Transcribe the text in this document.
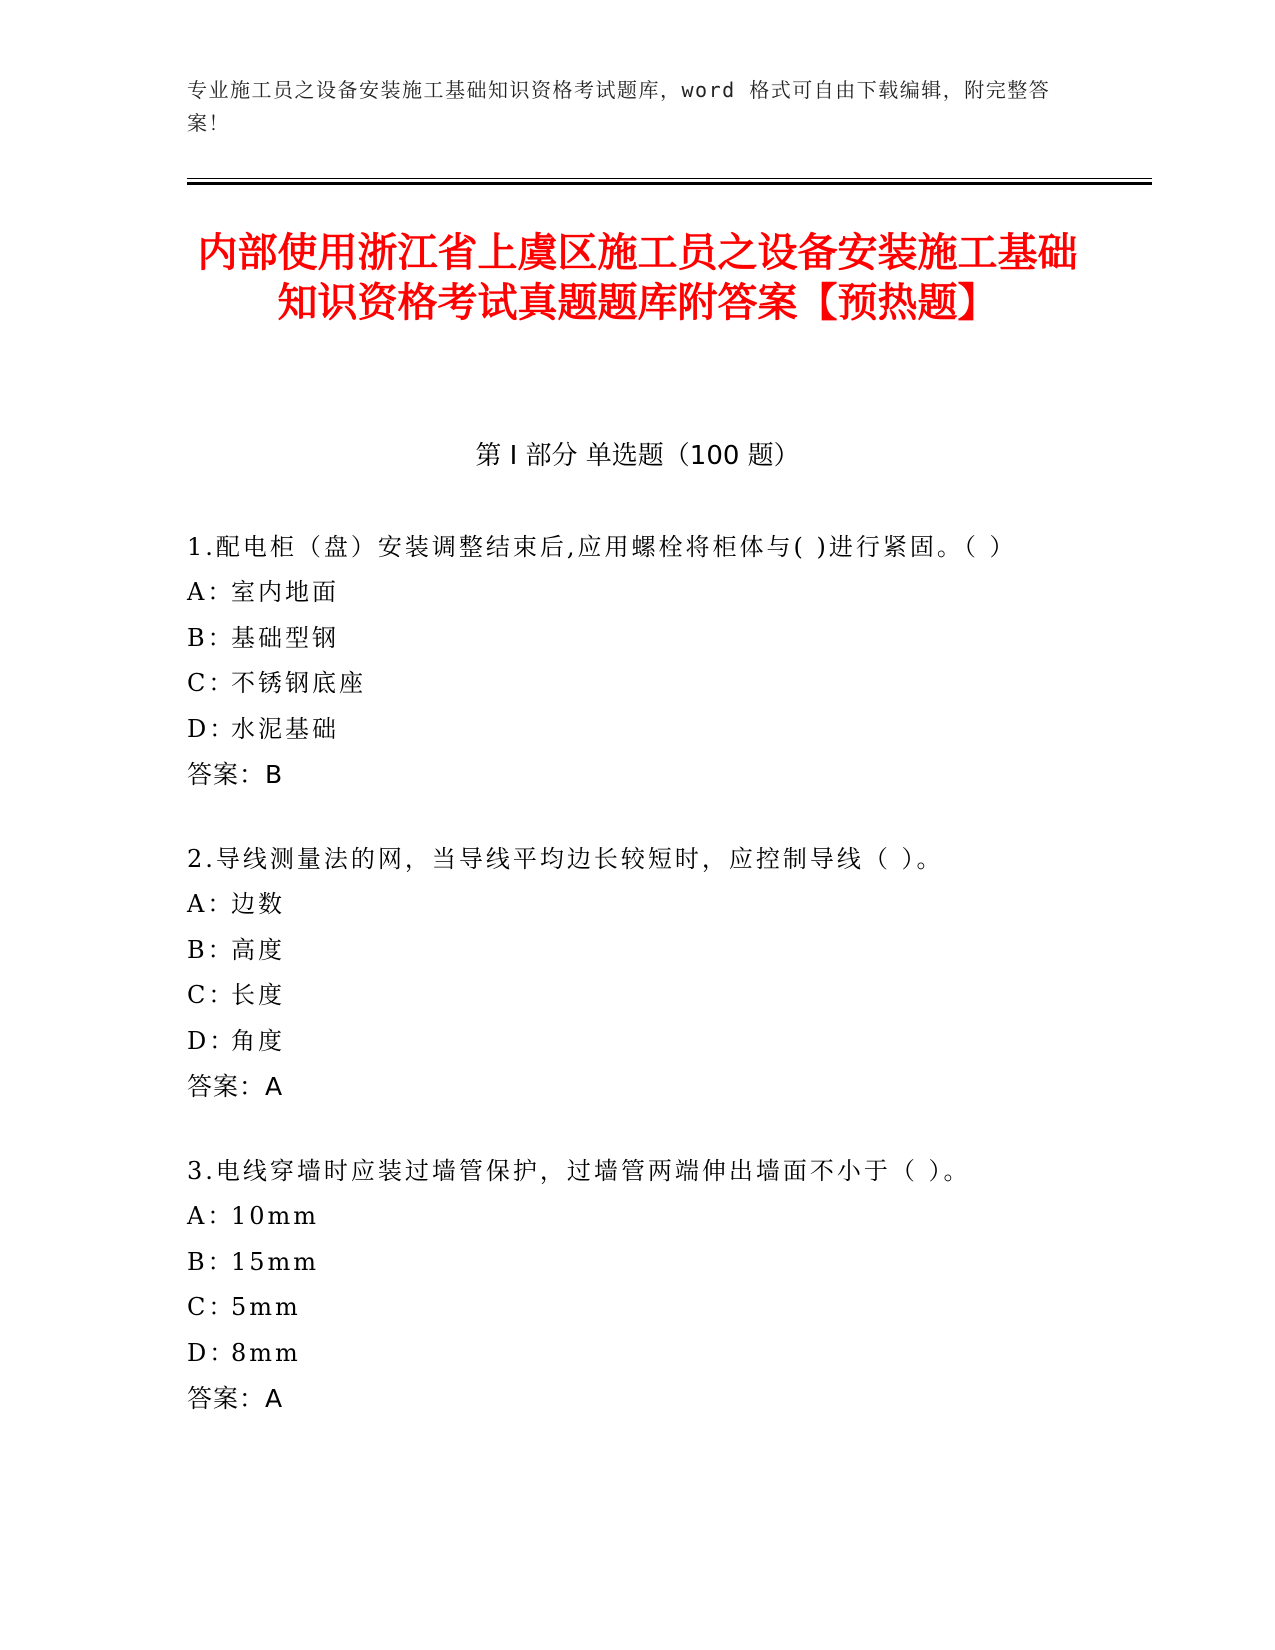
专业施工员之设备安装施工基础知识资格考试题库，word 格式可自由下载编辑，附完整答案！
内部使用浙江省上虞区施工员之设备安装施工基础知识资格考试真题题库附答案【预热题】
第 I 部分 单选题（100 题）
1.配电柜（盘）安装调整结束后,应用螺栓将柜体与( )进行紧固。（ ）
A：室内地面
B：基础型钢
C：不锈钢底座
D：水泥基础
答案：B
2.导线测量法的网，当导线平均边长较短时，应控制导线（ ）。
A：边数
B：高度
C：长度
D：角度
答案：A
3.电线穿墙时应装过墙管保护，过墙管两端伸出墙面不小于（ ）。
A：10mm
B：15mm
C：5mm
D：8mm
答案：A
